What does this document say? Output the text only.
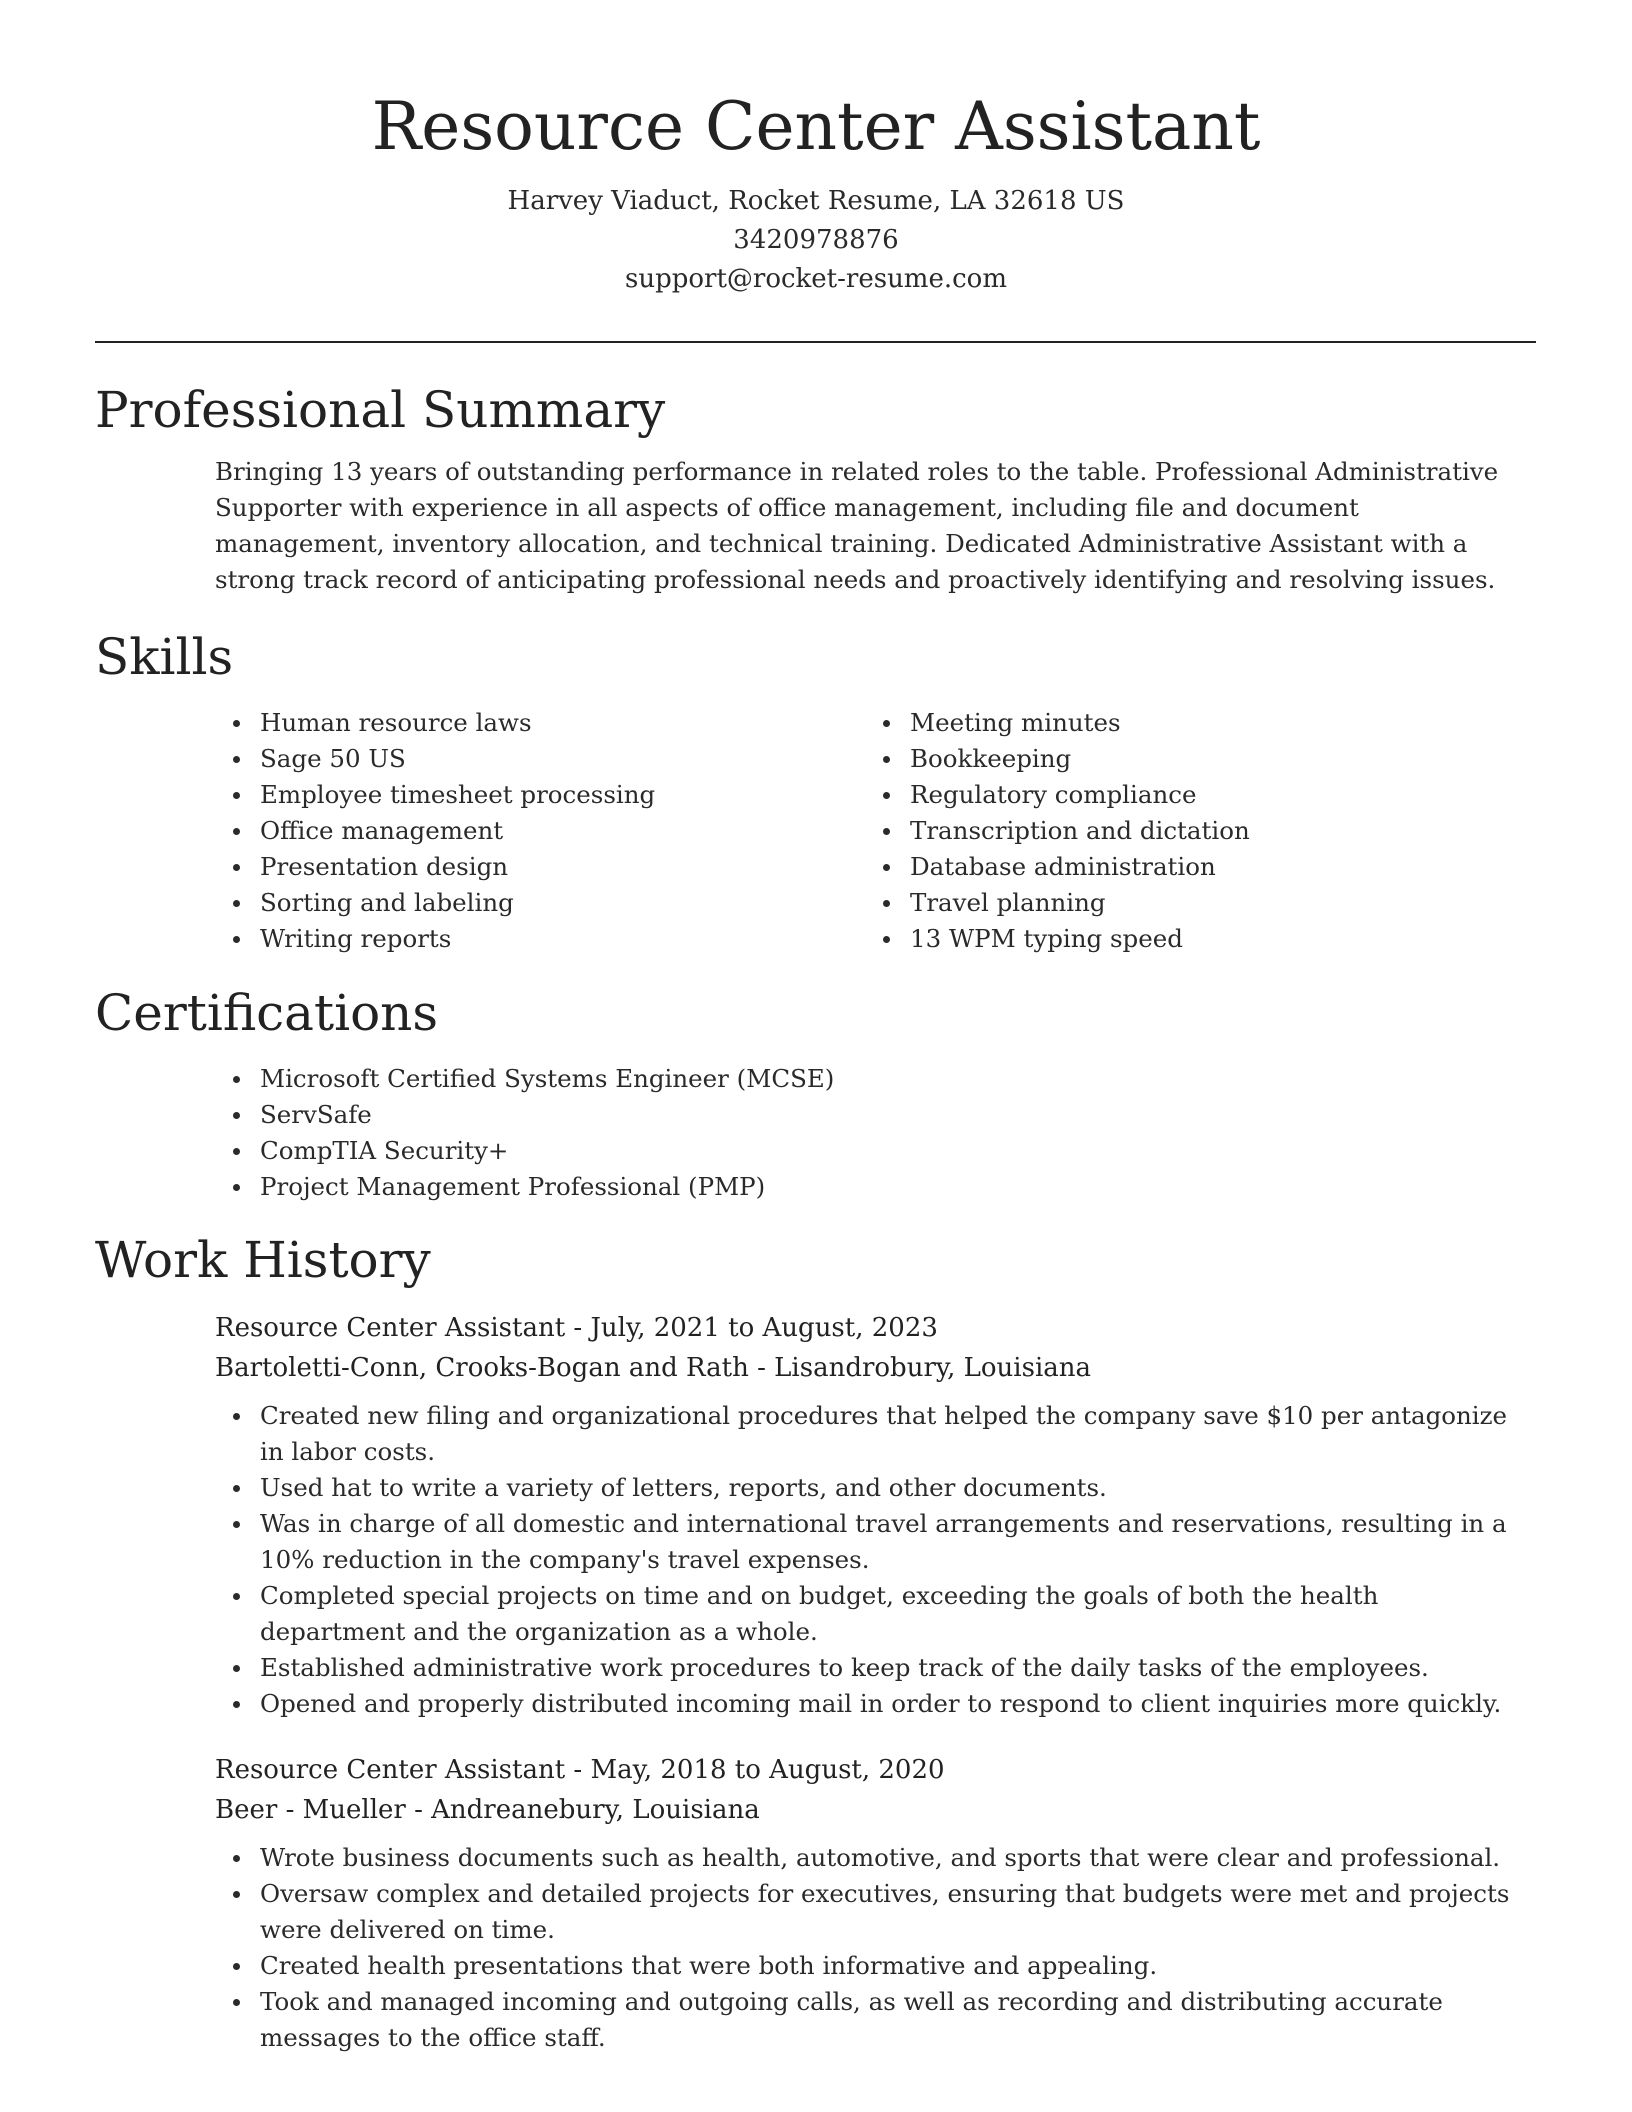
Resource Center Assistant
Harvey Viaduct, Rocket Resume, LA 32618 US
3420978876
support@rocket-resume.com
Professional Summary
Bringing 13 years of outstanding performance in related roles to the table. Professional Administrative Supporter with experience in all aspects of office management, including file and document management, inventory allocation, and technical training. Dedicated Administrative Assistant with a strong track record of anticipating professional needs and proactively identifying and resolving issues.
Skills
Human resource laws
Sage 50 US
Employee timesheet processing
Office management
Presentation design
Sorting and labeling
Writing reports
Meeting minutes
Bookkeeping
Regulatory compliance
Transcription and dictation
Database administration
Travel planning
13 WPM typing speed
Certifications
Microsoft Certified Systems Engineer (MCSE)
ServSafe
CompTIA Security+
Project Management Professional (PMP)
Work History
Resource Center Assistant - July, 2021 to August, 2023
Bartoletti-Conn, Crooks-Bogan and Rath - Lisandrobury, Louisiana
Created new filing and organizational procedures that helped the company save $10 per antagonize in labor costs.
Used hat to write a variety of letters, reports, and other documents.
Was in charge of all domestic and international travel arrangements and reservations, resulting in a 10% reduction in the company's travel expenses.
Completed special projects on time and on budget, exceeding the goals of both the health department and the organization as a whole.
Established administrative work procedures to keep track of the daily tasks of the employees.
Opened and properly distributed incoming mail in order to respond to client inquiries more quickly.
Resource Center Assistant - May, 2018 to August, 2020
Beer - Mueller - Andreanebury, Louisiana
Wrote business documents such as health, automotive, and sports that were clear and professional.
Oversaw complex and detailed projects for executives, ensuring that budgets were met and projects were delivered on time.
Created health presentations that were both informative and appealing.
Took and managed incoming and outgoing calls, as well as recording and distributing accurate messages to the office staff.
